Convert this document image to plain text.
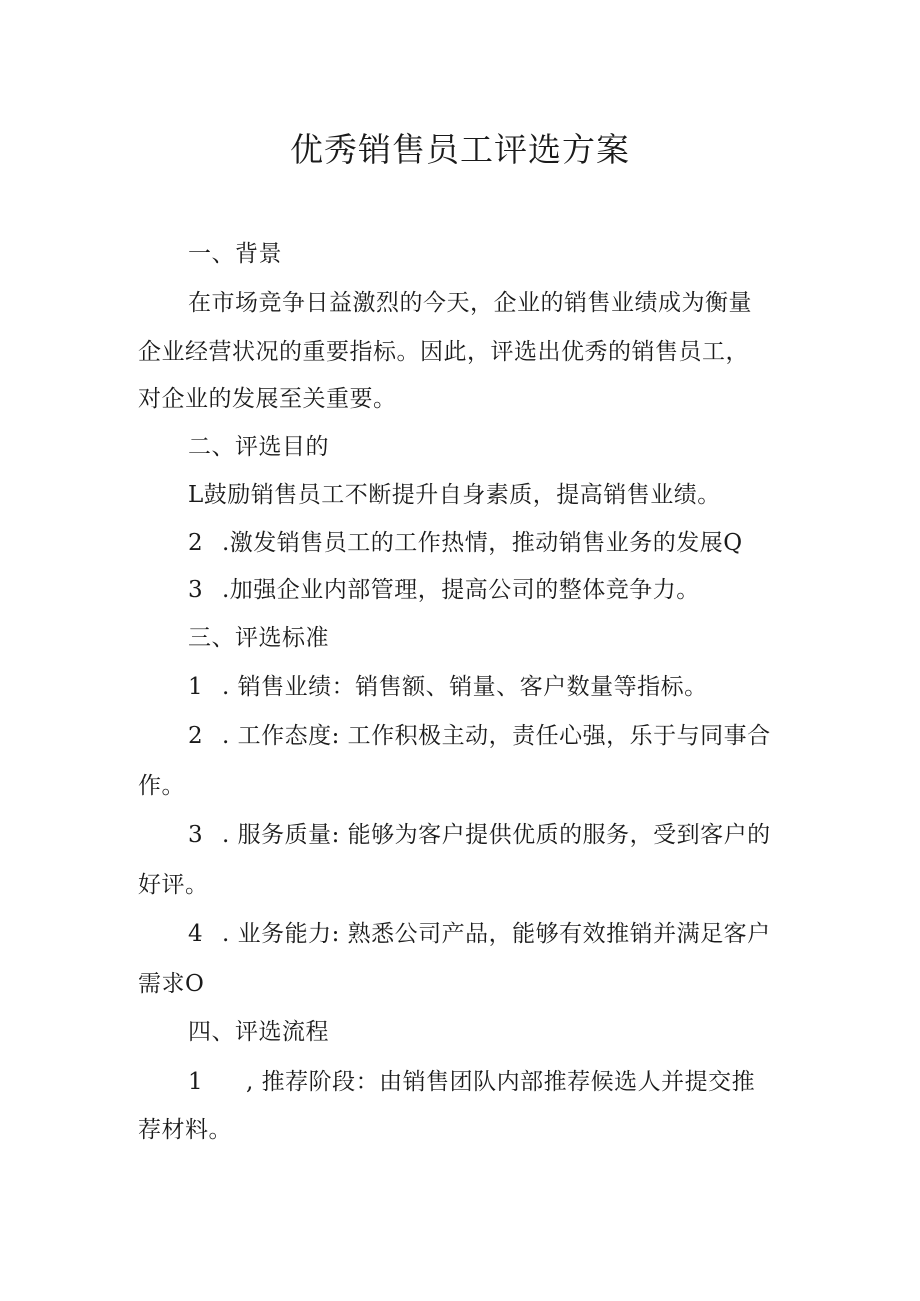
优秀销售员工评选方案
一、背景
在市场竞争日益激烈的今天，企业的销售业绩成为衡量
企业经营状况的重要指标。因此，评选出优秀的销售员工，
对企业的发展至关重要。
二、评选目的
L鼓励销售员工不断提升自身素质，提高销售业绩。
2 .激发销售员工的工作热情，推动销售业务的发展Q
3 .加强企业内部管理，提高公司的整体竞争力。
三、评选标准
1 . 销售业绩：销售额、销量、客户数量等指标。
2 . 工作态度: 工作积极主动，责任心强，乐于与同事合
作。
3 . 服务质量: 能够为客户提供优质的服务，受到客户的
好评。
4 . 业务能力: 熟悉公司产品，能够有效推销并满足客户
需求O
四、评选流程
1 , 推荐阶段：由销售团队内部推荐候选人并提交推
荐材料。
